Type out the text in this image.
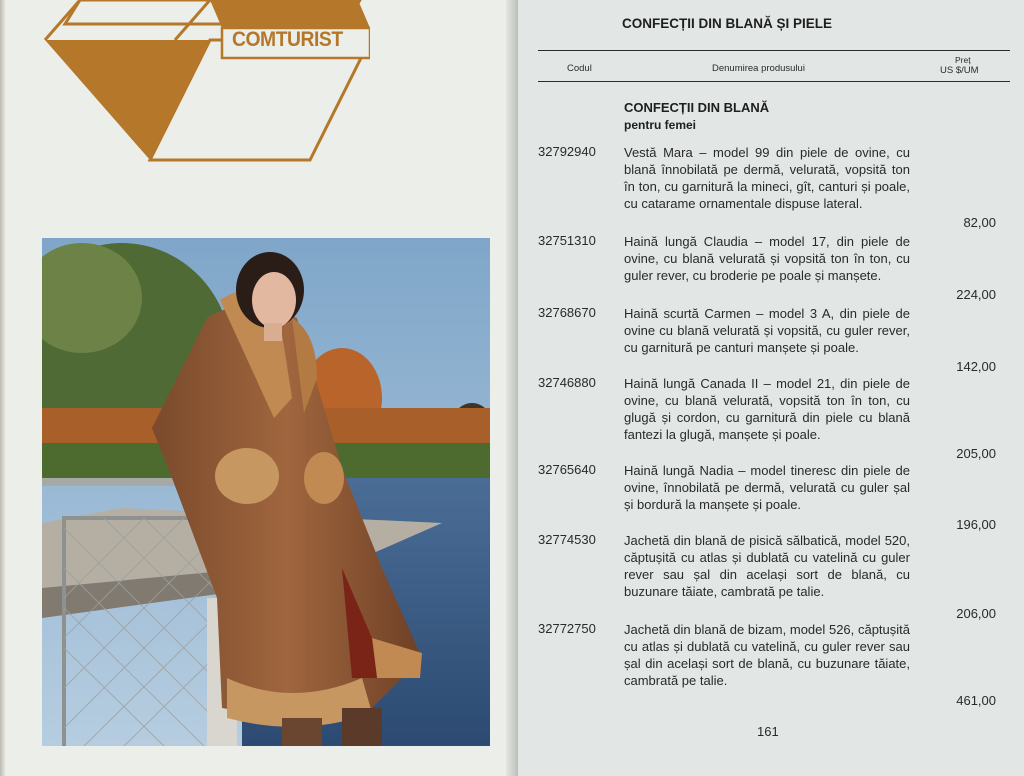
COMTURIST
CONFECȚII DIN BLANĂ ȘI PIELE
Codul	Denumirea produsului
Preț
US $/UM
CONFECȚII DIN BLANĂ
pentru femei
32792940	Vestă Mara – model 99 din piele de ovine, cu blană înnobilată pe dermă, velurată, vopsită ton în ton, cu garnitură la mineci, gît, canturi și poale, cu catarame ornamentale dispuse lateral.
82,00
32751310	Haină lungă Claudia – model 17, din piele de ovine, cu blană velurată și vopsită ton în ton, cu guler rever, cu broderie pe poale și manșete.
224,00
32768670	Haină scurtă Carmen – model 3 A, din piele de ovine cu blană velurată și vopsită, cu guler rever, cu garnitură pe canturi manșete și poale.
142,00
32746880	Haină lungă Canada II – model 21, din piele de ovine, cu blană velurată, vopsită ton în ton, cu glugă și cordon, cu garnitură din piele cu blană fantezi la glugă, manșete și poale.
205,00
32765640	Haină lungă Nadia – model tineresc din piele de ovine, înnobilată pe dermă, velurată cu guler șal și bordură la manșete și poale.
196,00
32774530	Jachetă din blană de pisică sălbatică, model 520, căptușită cu atlas și dublată cu vatelină cu guler rever sau șal din același sort de blană, cu buzunare tăiate, cambrată pe talie.
206,00
32772750	Jachetă din blană de bizam, model 526, căptușită cu atlas și dublată cu vatelină, cu guler rever sau șal din același sort de blană, cu buzunare tăiate, cambrată pe talie.
461,00
161
